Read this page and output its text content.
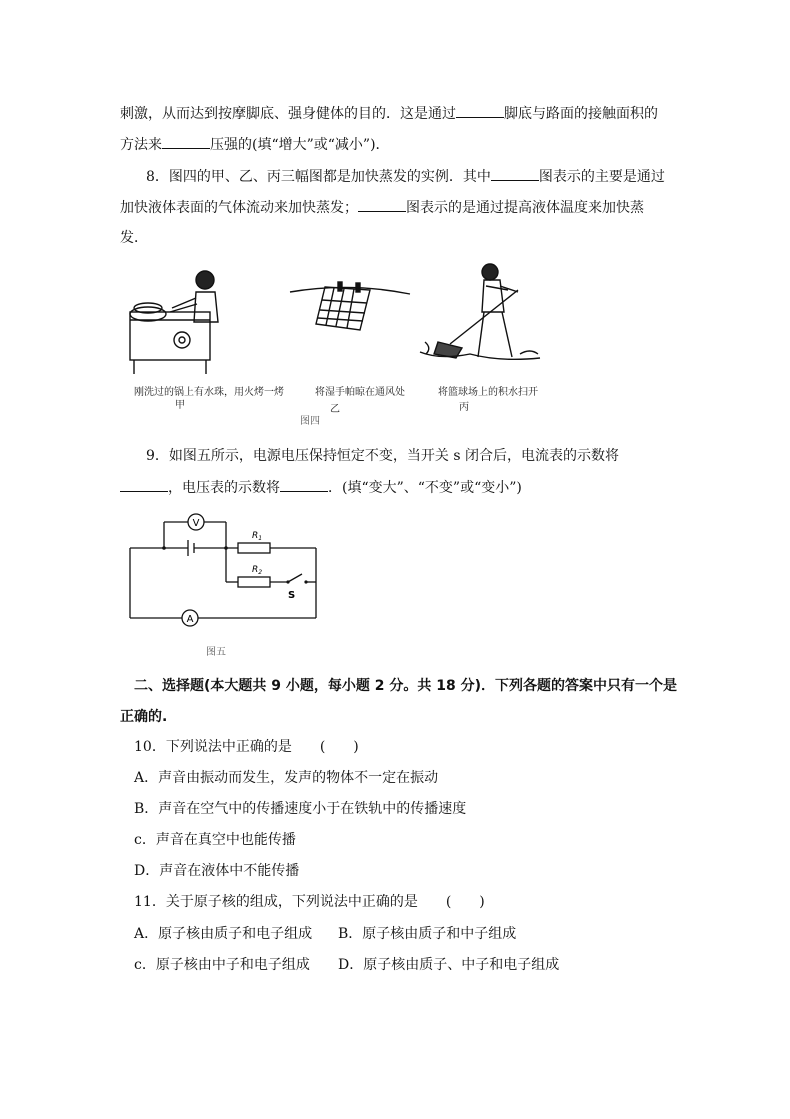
刺激，从而达到按摩脚底、强身健体的目的．这是通过	脚底与路面的接触面积的
方法来	压强的(填“增大”或“减小”)．
8．图四的甲、乙、丙三幅图都是加快蒸发的实例．其中	图表示的主要是通过
加快液体表面的气体流动来加快蒸发；	图表示的是通过提高液体温度来加快蒸
发．
刚洗过的锅上有水珠，用火烤一烤
甲
将湿手帕晾在通风处
乙
将篮球场上的积水扫开
丙
图四
9．如图五所示，电源电压保持恒定不变，当开关 s 闭合后，电流表的示数将
，电压表的示数将	．(填“变大”、“不变”或“变小”)
V
A
$R_1$
$R_2$
S
图五
二、选择题(本大题共 9 小题，每小题 2 分。共 18 分)．下列各题的答案中只有一个是
正确的.
10．下列说法中正确的是　　(　　)
A．声音由振动而发生，发声的物体不一定在振动
B．声音在空气中的传播速度小于在铁轨中的传播速度
c．声音在真空中也能传播
D．声音在液体中不能传播
11．关于原子核的组成，下列说法中正确的是　　(　　)
A．原子核由质子和电子组成 B．原子核由质子和中子组成
c．原子核由中子和电子组成 D．原子核由质子、中子和电子组成
